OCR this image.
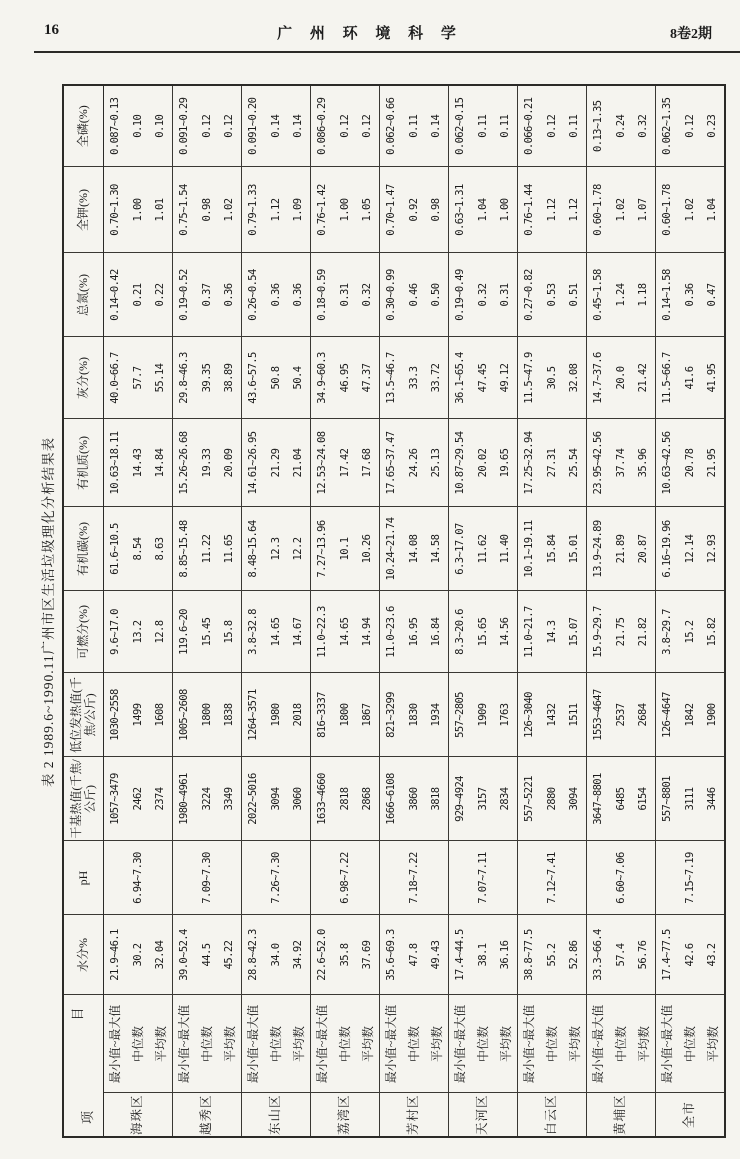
16	广 州 环 境 科 学	8卷2期
表 2 1989.6~1990.11广州市区生活垃圾理化分析结果表
项
目		水分%	pH	干基热值(千焦/公斤)	低位发热值(千焦/公斤)	可燃分(%)	有机碳(%)	有机质(%)	灰分(%)	总氮(%)	全钾(%)	全磷(%)
海珠区	最小值~最大值	21.9~46.1	6.94~7.30	1057~3479	1030~2558	9.6~17.0	61.6~10.5	10.63~18.11	40.0~66.7	0.14~0.42	0.70~1.30	0.087~0.13
	中位数	30.2		2462	1499	13.2	8.54	14.43	57.7	0.21	1.00	0.10
	平均数	32.04		2374	1608	12.8	8.63	14.84	55.14	0.22	1.01	0.10
越秀区	最小值~最大值	39.0~52.4	7.09~7.30	1980~4961	1005~2608	119.6~20	8.85~15.48	15.26~26.68	29.8~46.3	0.19~0.52	0.75~1.54	0.091~0.29
	中位数	44.5		3224	1800	15.45	11.22	19.33	39.35	0.37	0.98	0.12
	平均数	45.22		3349	1838	15.8	11.65	20.09	38.89	0.36	1.02	0.12
东山区	最小值~最大值	28.8~42.3	7.26~7.30	2022~5016	1264~3571	3.8~32.8	8.48~15.64	14.61~26.95	43.6~57.5	0.26~0.54	0.79~1.33	0.091~0.20
	中位数	34.0		3094	1980	14.65	12.3	21.29	50.8	0.36	1.12	0.14
	平均数	34.92		3060	2018	14.67	12.2	21.04	50.4	0.36	1.09	0.14
荔湾区	最小值~最大值	22.6~52.0	6.98~7.22	1633~4660	816~3337	11.0~22.3	7.27~13.96	12.53~24.08	34.9~60.3	0.18~0.59	0.76~1.42	0.086~0.29
	中位数	35.8		2818	1800	14.65	10.1	17.42	46.95	0.31	1.00	0.12
	平均数	37.69		2868	1867	14.94	10.26	17.68	47.37	0.32	1.05	0.12
芳村区	最小值~最大值	35.6~69.3	7.18~7.22	1666~6108	821~3299	11.0~23.6	10.24~21.74	17.65~37.47	13.5~46.7	0.30~0.99	0.70~1.47	0.062~0.66
	中位数	47.8		3860	1830	16.95	14.08	24.26	33.3	0.46	0.92	0.11
	平均数	49.43		3818	1934	16.84	14.58	25.13	33.72	0.50	0.98	0.14
天河区	最小值~最大值	17.4~44.5	7.07~7.11	929~4924	557~2805	8.3~20.6	6.3~17.07	10.87~29.54	36.1~65.4	0.19~0.49	0.63~1.31	0.062~0.15
	中位数	38.1		3157	1909	15.65	11.62	20.02	47.45	0.32	1.04	0.11
	平均数	36.16		2834	1763	14.56	11.40	19.65	49.12	0.31	1.00	0.11
白云区	最小值~最大值	38.8~77.5	7.12~7.41	557~5221	126~3040	11.0~21.7	10.1~19.11	17.25~32.94	11.5~47.9	0.27~0.82	0.76~1.44	0.066~0.21
	中位数	55.2		2880	1432	14.3	15.84	27.31	30.5	0.53	1.12	0.12
	平均数	52.86		3094	1511	15.07	15.01	25.54	32.08	0.51	1.12	0.11
黄埔区	最小值~最大值	33.3~66.4	6.60~7.06	3647~8801	1553~4647	15.9~29.7	13.9~24.89	23.95~42.56	14.7~37.6	0.45~1.58	0.60~1.78	0.13~1.35
	中位数	57.4		6485	2537	21.75	21.89	37.74	20.0	1.24	1.02	0.24
	平均数	56.76		6154	2684	21.82	20.87	35.96	21.42	1.18	1.07	0.32
全市	最小值~最大值	17.4~77.5	7.15~7.19	557~8801	126~4647	3.8~29.7	6.16~19.96	10.63~42.56	11.5~66.7	0.14~1.58	0.60~1.78	0.062~1.35
	中位数	42.6		3111	1842	15.2	12.14	20.78	41.6	0.36	1.02	0.12
	平均数	43.2		3446	1900	15.82	12.93	21.95	41.95	0.47	1.04	0.23
